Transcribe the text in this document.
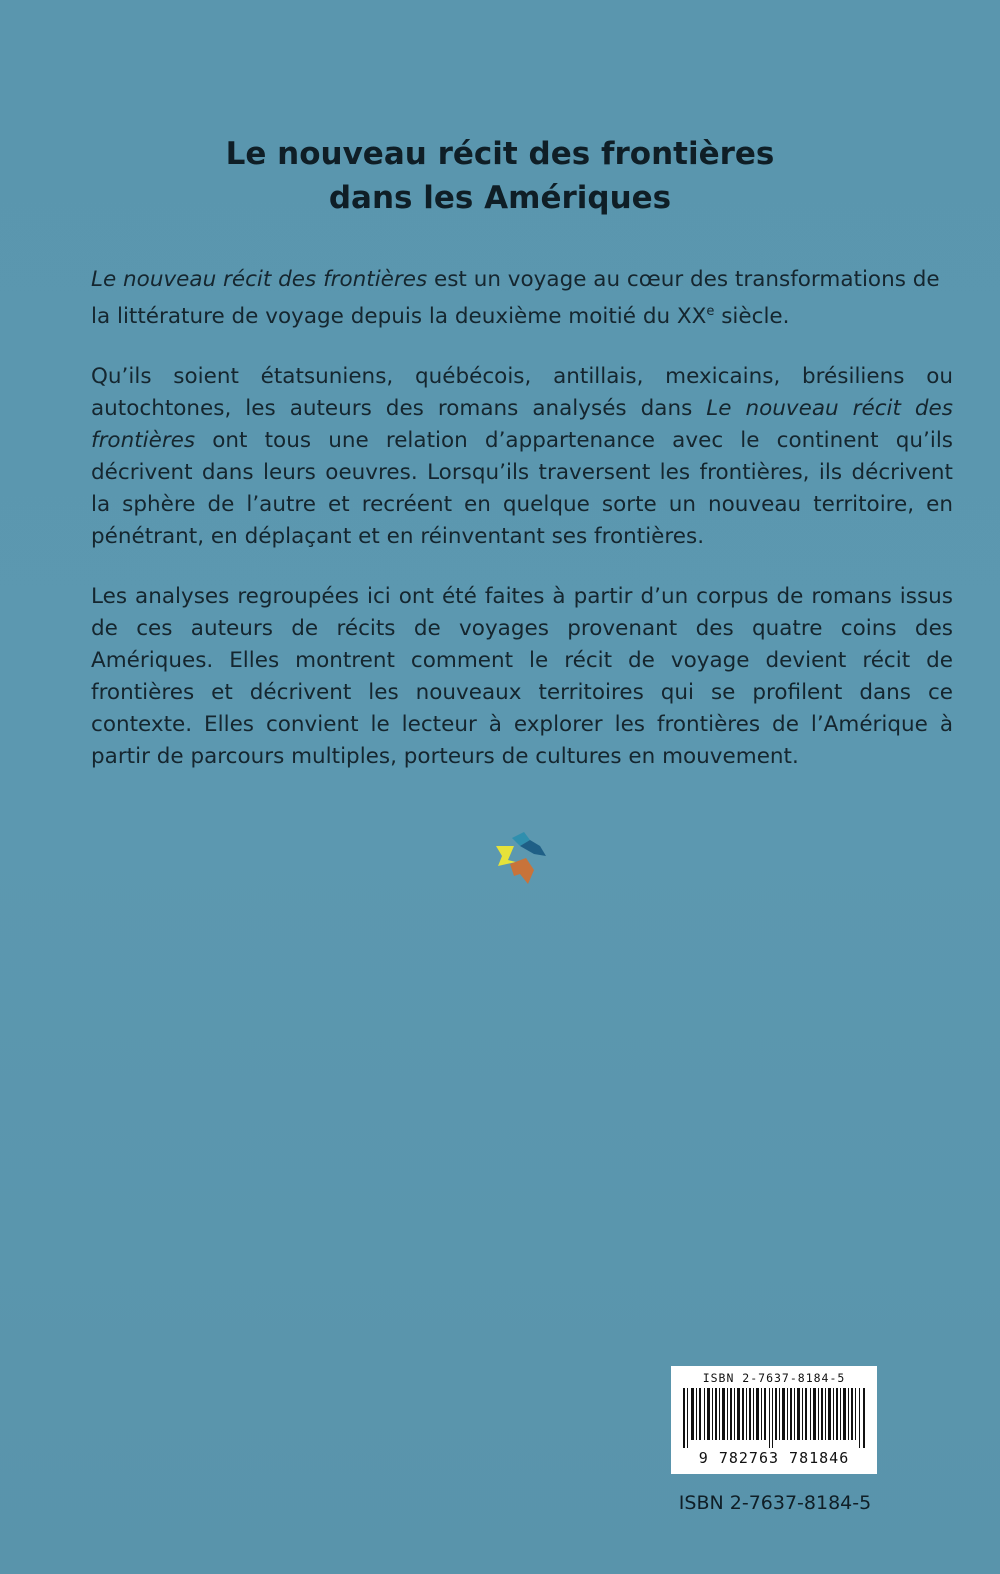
Le nouveau récit des frontières
dans les Amériques

Le nouveau récit des frontières est un voyage au cœur des transformations de la littérature de voyage depuis la deuxième moitié du XXe siècle.

Qu’ils soient étatsuniens, québécois, antillais, mexicains, brésiliens ou autochtones, les auteurs des romans analysés dans Le nouveau récit des frontières ont tous une relation d’appartenance avec le continent qu’ils décrivent dans leurs oeuvres. Lorsqu’ils traversent les frontières, ils décrivent la sphère de l’autre et recréent en quelque sorte un nouveau territoire, en pénétrant, en déplaçant et en réinventant ses frontières.

Les analyses regroupées ici ont été faites à partir d’un corpus de romans issus de ces auteurs de récits de voyages provenant des quatre coins des Amériques. Elles montrent comment le récit de voyage devient récit de frontières et décrivent les nouveaux territoires qui se profilent dans ce contexte. Elles convient le lecteur à explorer les frontières de l’Amérique à partir de parcours multiples, porteurs de cultures en mouvement.

ISBN 2-7637-8184-5
9 782763 781846
ISBN 2-7637-8184-5
